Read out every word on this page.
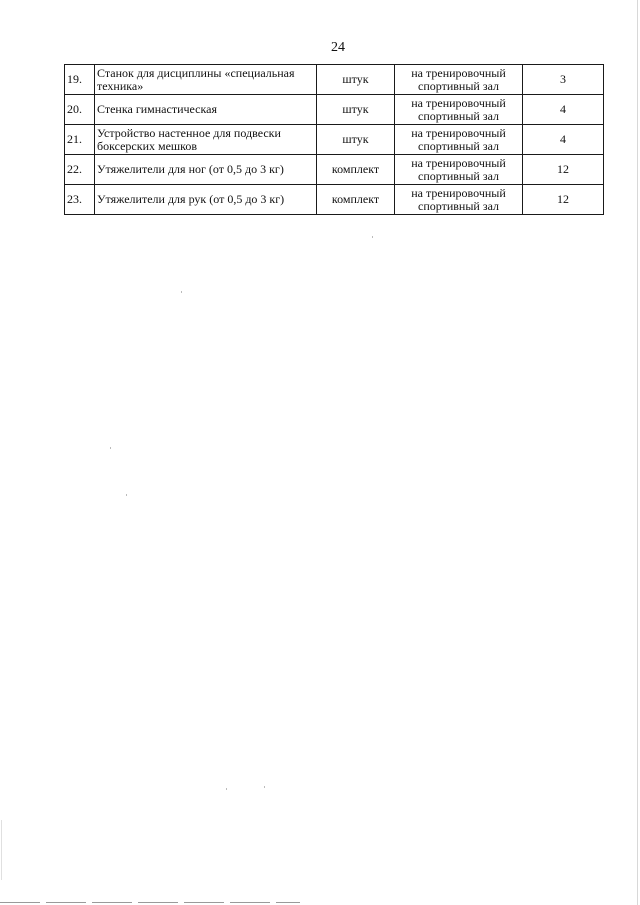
24
19.	Станок для дисциплины «специальная техника»	штук	на тренировочный спортивный зал	3
20.	Стенка гимнастическая	штук	на тренировочный спортивный зал	4
21.	Устройство настенное для подвески боксерских мешков	штук	на тренировочный спортивный зал	4
22.	Утяжелители для ног (от 0,5 до 3 кг)	комплект	на тренировочный спортивный зал	12
23.	Утяжелители для рук (от 0,5 до 3 кг)	комплект	на тренировочный спортивный зал	12
